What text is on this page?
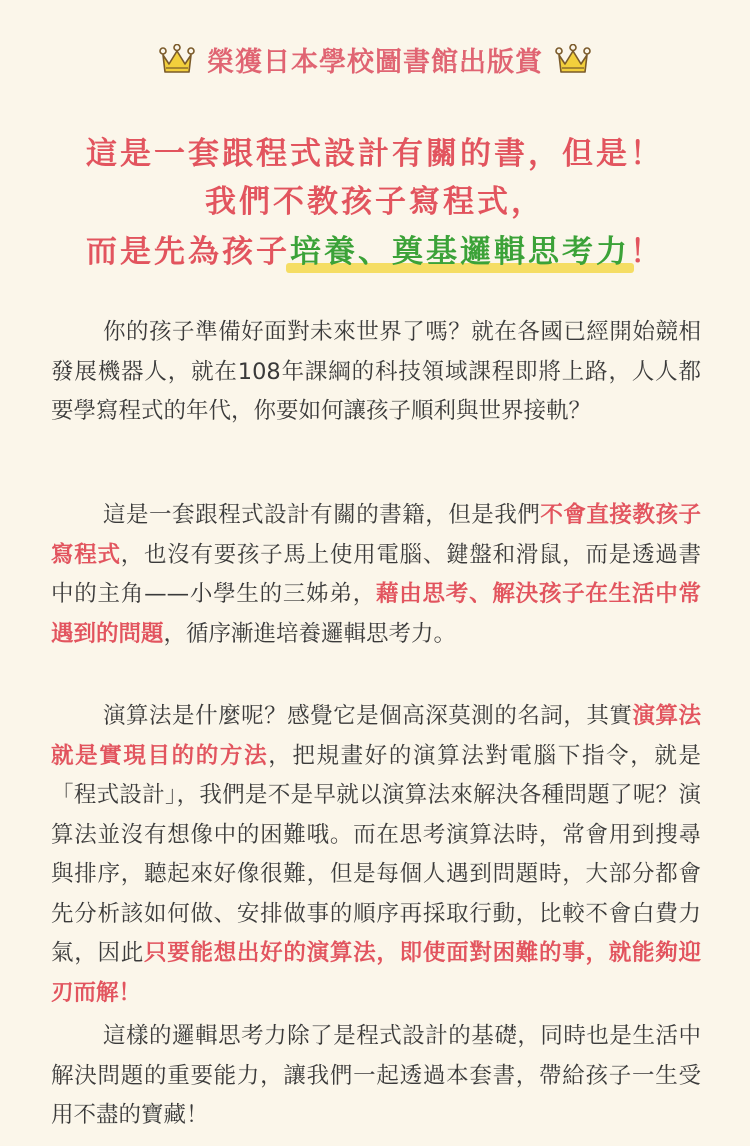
榮獲日本學校圖書館出版賞
這是一套跟程式設計有關的書，但是！
我們不教孩子寫程式，
而是先為孩子培養、奠基邏輯思考力！

你的孩子準備好面對未來世界了嗎？就在各國已經開始競相發展機器人，就在108年課綱的科技領域課程即將上路，人人都要學寫程式的年代，你要如何讓孩子順利與世界接軌？

這是一套跟程式設計有關的書籍，但是我們不會直接教孩子寫程式，也沒有要孩子馬上使用電腦、鍵盤和滑鼠，而是透過書中的主角——小學生的三姊弟，藉由思考、解決孩子在生活中常遇到的問題，循序漸進培養邏輯思考力。

演算法是什麼呢？感覺它是個高深莫測的名詞，其實演算法就是實現目的的方法，把規畫好的演算法對電腦下指令，就是「程式設計」，我們是不是早就以演算法來解決各種問題了呢？演算法並沒有想像中的困難哦。而在思考演算法時，常會用到搜尋與排序，聽起來好像很難，但是每個人遇到問題時，大部分都會先分析該如何做、安排做事的順序再採取行動，比較不會白費力氣，因此只要能想出好的演算法，即使面對困難的事，就能夠迎刃而解！

這樣的邏輯思考力除了是程式設計的基礎，同時也是生活中解決問題的重要能力，讓我們一起透過本套書，帶給孩子一生受用不盡的寶藏！
